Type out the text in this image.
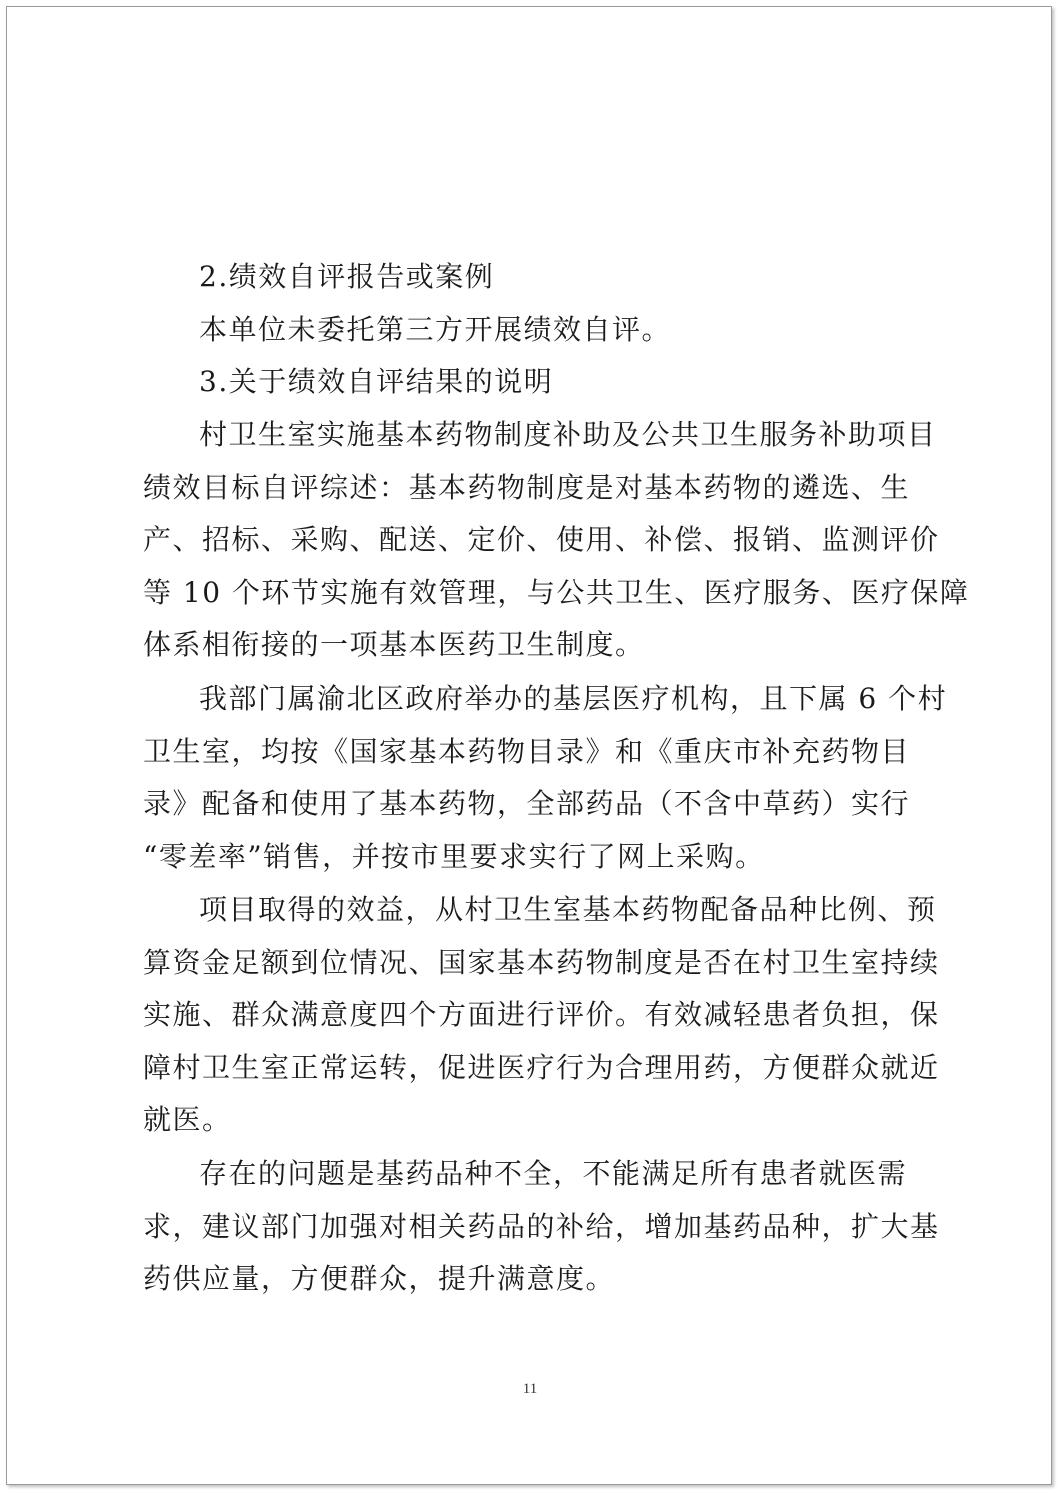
2.绩效自评报告或案例
本单位未委托第三方开展绩效自评。
3.关于绩效自评结果的说明
村卫生室实施基本药物制度补助及公共卫生服务补助项目
绩效目标自评综述：基本药物制度是对基本药物的遴选、生
产、招标、采购、配送、定价、使用、补偿、报销、监测评价
等 10 个环节实施有效管理，与公共卫生、医疗服务、医疗保障
体系相衔接的一项基本医药卫生制度。
我部门属渝北区政府举办的基层医疗机构，且下属 6 个村
卫生室，均按《国家基本药物目录》和《重庆市补充药物目
录》配备和使用了基本药物，全部药品（不含中草药）实行
“零差率”销售，并按市里要求实行了网上采购。
项目取得的效益，从村卫生室基本药物配备品种比例、预
算资金足额到位情况、国家基本药物制度是否在村卫生室持续
实施、群众满意度四个方面进行评价。有效减轻患者负担，保
障村卫生室正常运转，促进医疗行为合理用药，方便群众就近
就医。
存在的问题是基药品种不全，不能满足所有患者就医需
求，建议部门加强对相关药品的补给，增加基药品种，扩大基
药供应量，方便群众，提升满意度。
11
